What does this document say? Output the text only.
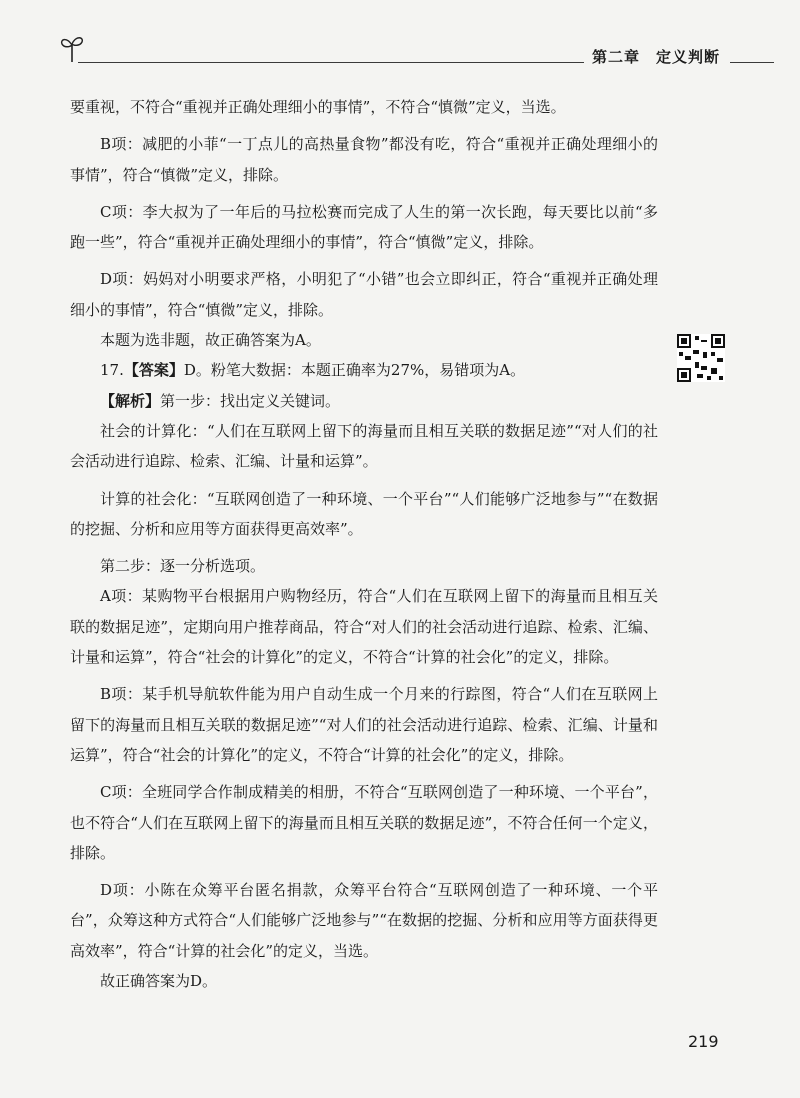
第二章 定义判断

要重视，不符合“重视并正确处理细小的事情”，不符合“慎微”定义，当选。

B项：减肥的小菲“一丁点儿的高热量食物”都没有吃，符合“重视并正确处理细小的事情”，符合“慎微”定义，排除。

C项：李大叔为了一年后的马拉松赛而完成了人生的第一次长跑，每天要比以前“多跑一些”，符合“重视并正确处理细小的事情”，符合“慎微”定义，排除。

D项：妈妈对小明要求严格，小明犯了“小错”也会立即纠正，符合“重视并正确处理细小的事情”，符合“慎微”定义，排除。

本题为选非题，故正确答案为A。

17.【答案】D。粉笔大数据：本题正确率为27%，易错项为A。

【解析】第一步：找出定义关键词。

社会的计算化：“人们在互联网上留下的海量而且相互关联的数据足迹”“对人们的社会活动进行追踪、检索、汇编、计量和运算”。

计算的社会化：“互联网创造了一种环境、一个平台”“人们能够广泛地参与”“在数据的挖掘、分析和应用等方面获得更高效率”。

第二步：逐一分析选项。

A项：某购物平台根据用户购物经历，符合“人们在互联网上留下的海量而且相互关联的数据足迹”，定期向用户推荐商品，符合“对人们的社会活动进行追踪、检索、汇编、计量和运算”，符合“社会的计算化”的定义，不符合“计算的社会化”的定义，排除。

B项：某手机导航软件能为用户自动生成一个月来的行踪图，符合“人们在互联网上留下的海量而且相互关联的数据足迹”“对人们的社会活动进行追踪、检索、汇编、计量和运算”，符合“社会的计算化”的定义，不符合“计算的社会化”的定义，排除。

C项：全班同学合作制成精美的相册，不符合“互联网创造了一种环境、一个平台”，也不符合“人们在互联网上留下的海量而且相互关联的数据足迹”，不符合任何一个定义，排除。

D项：小陈在众筹平台匿名捐款，众筹平台符合“互联网创造了一种环境、一个平台”，众筹这种方式符合“人们能够广泛地参与”“在数据的挖掘、分析和应用等方面获得更高效率”，符合“计算的社会化”的定义，当选。

故正确答案为D。

219
